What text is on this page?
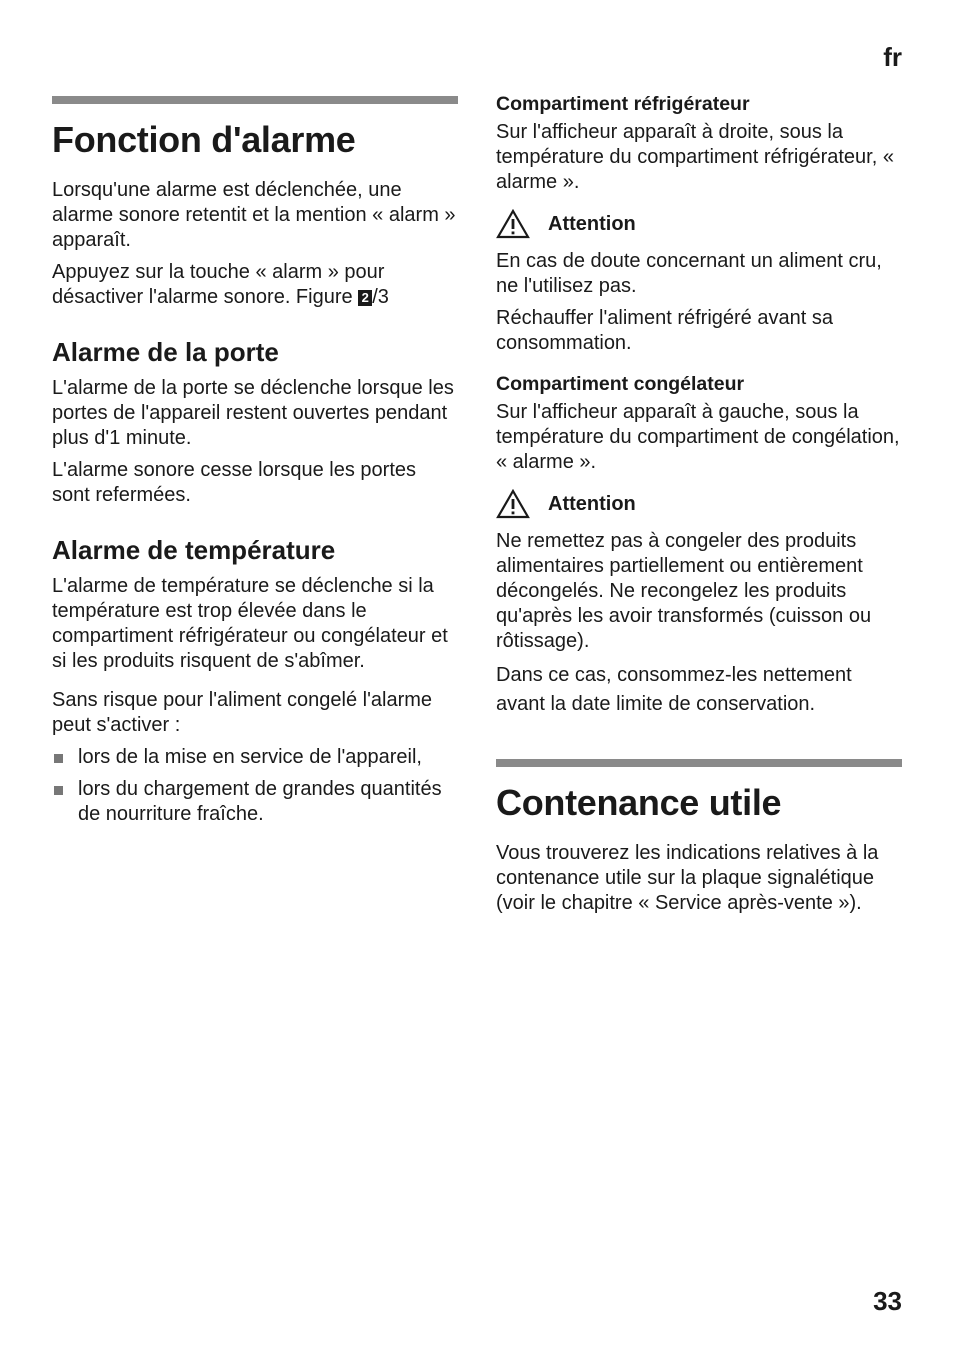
fr
Fonction d'alarme

Lorsqu'une alarme est déclenchée, une alarme sonore retentit et la mention « alarm » apparaît.

Appuyez sur la touche « alarm » pour désactiver l'alarme sonore. Figure 2 /3

Alarme de la porte

L'alarme de la porte se déclenche lorsque les portes de l'appareil restent ouvertes pendant plus d'1 minute.

L'alarme sonore cesse lorsque les portes sont refermées.

Alarme de température

L'alarme de température se déclenche si la température est trop élevée dans le compartiment réfrigérateur ou congélateur et si les produits risquent de s'abîmer.

Sans risque pour l'aliment congelé l'alarme peut s'activer :

lors de la mise en service de l'appareil,
lors du chargement de grandes quantités de nourriture fraîche.
Compartiment réfrigérateur

Sur l'afficheur apparaît à droite, sous la température du compartiment réfrigérateur, « alarme ».

Attention

En cas de doute concernant un aliment cru, ne l'utilisez pas.

Réchauffer l'aliment réfrigéré avant sa consommation.

Compartiment congélateur

Sur l'afficheur apparaît à gauche, sous la température du compartiment de congélation, « alarme ».

Attention

Ne remettez pas à congeler des produits alimentaires partiellement ou entièrement décongelés. Ne recongelez les produits qu'après les avoir transformés (cuisson ou rôtissage).

Dans ce cas, consommez-les nettement avant la date limite de conservation.

Contenance utile

Vous trouverez les indications relatives à la contenance utile sur la plaque signalétique (voir le chapitre « Service après-vente »).

33
